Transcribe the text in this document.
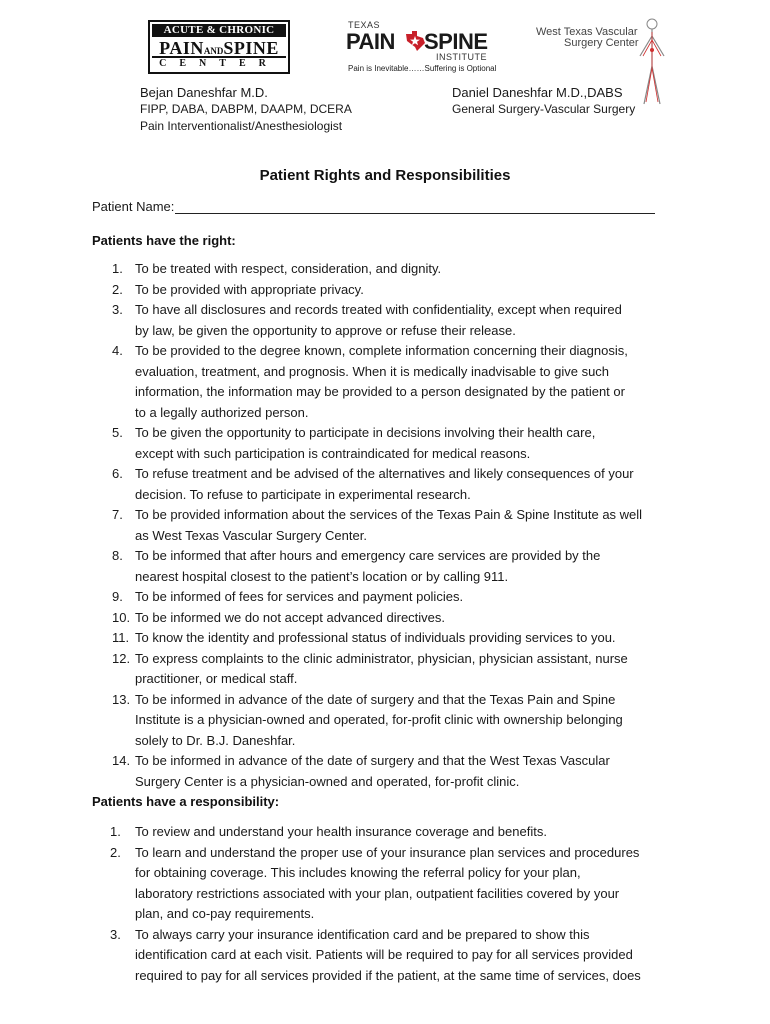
ACUTE & CHRONIC
PAINANDSPINE
CENTER
TEXAS
PAIN SPINE
INSTITUTE
Pain is Inevitable……Suffering is Optional
West Texas Vascular
Surgery Center
Bejan Daneshfar M.D.
FIPP, DABA, DABPM, DAAPM, DCERA
Pain Interventionalist/Anesthesiologist
Daniel Daneshfar M.D.,DABS
General Surgery-Vascular Surgery
Patient Rights and Responsibilities
Patient Name:
Patients have the right:
1. To be treated with respect, consideration, and dignity.
2. To be provided with appropriate privacy.
3. To have all disclosures and records treated with confidentiality, except when required
by law, be given the opportunity to approve or refuse their release.
4. To be provided to the degree known, complete information concerning their diagnosis,
evaluation, treatment, and prognosis. When it is medically inadvisable to give such
information, the information may be provided to a person designated by the patient or
to a legally authorized person.
5. To be given the opportunity to participate in decisions involving their health care,
except with such participation is contraindicated for medical reasons.
6. To refuse treatment and be advised of the alternatives and likely consequences of your
decision. To refuse to participate in experimental research.
7. To be provided information about the services of the Texas Pain & Spine Institute as well
as West Texas Vascular Surgery Center.
8. To be informed that after hours and emergency care services are provided by the
nearest hospital closest to the patient’s location or by calling 911.
9. To be informed of fees for services and payment policies.
10. To be informed we do not accept advanced directives.
11. To know the identity and professional status of individuals providing services to you.
12. To express complaints to the clinic administrator, physician, physician assistant, nurse
practitioner, or medical staff.
13. To be informed in advance of the date of surgery and that the Texas Pain and Spine
Institute is a physician-owned and operated, for-profit clinic with ownership belonging
solely to Dr. B.J. Daneshfar.
14. To be informed in advance of the date of surgery and that the West Texas Vascular
Surgery Center is a physician-owned and operated, for-profit clinic.
Patients have a responsibility:
1. To review and understand your health insurance coverage and benefits.
2. To learn and understand the proper use of your insurance plan services and procedures
for obtaining coverage. This includes knowing the referral policy for your plan,
laboratory restrictions associated with your plan, outpatient facilities covered by your
plan, and co-pay requirements.
3. To always carry your insurance identification card and be prepared to show this
identification card at each visit. Patients will be required to pay for all services provided
required to pay for all services provided if the patient, at the same time of services, does
